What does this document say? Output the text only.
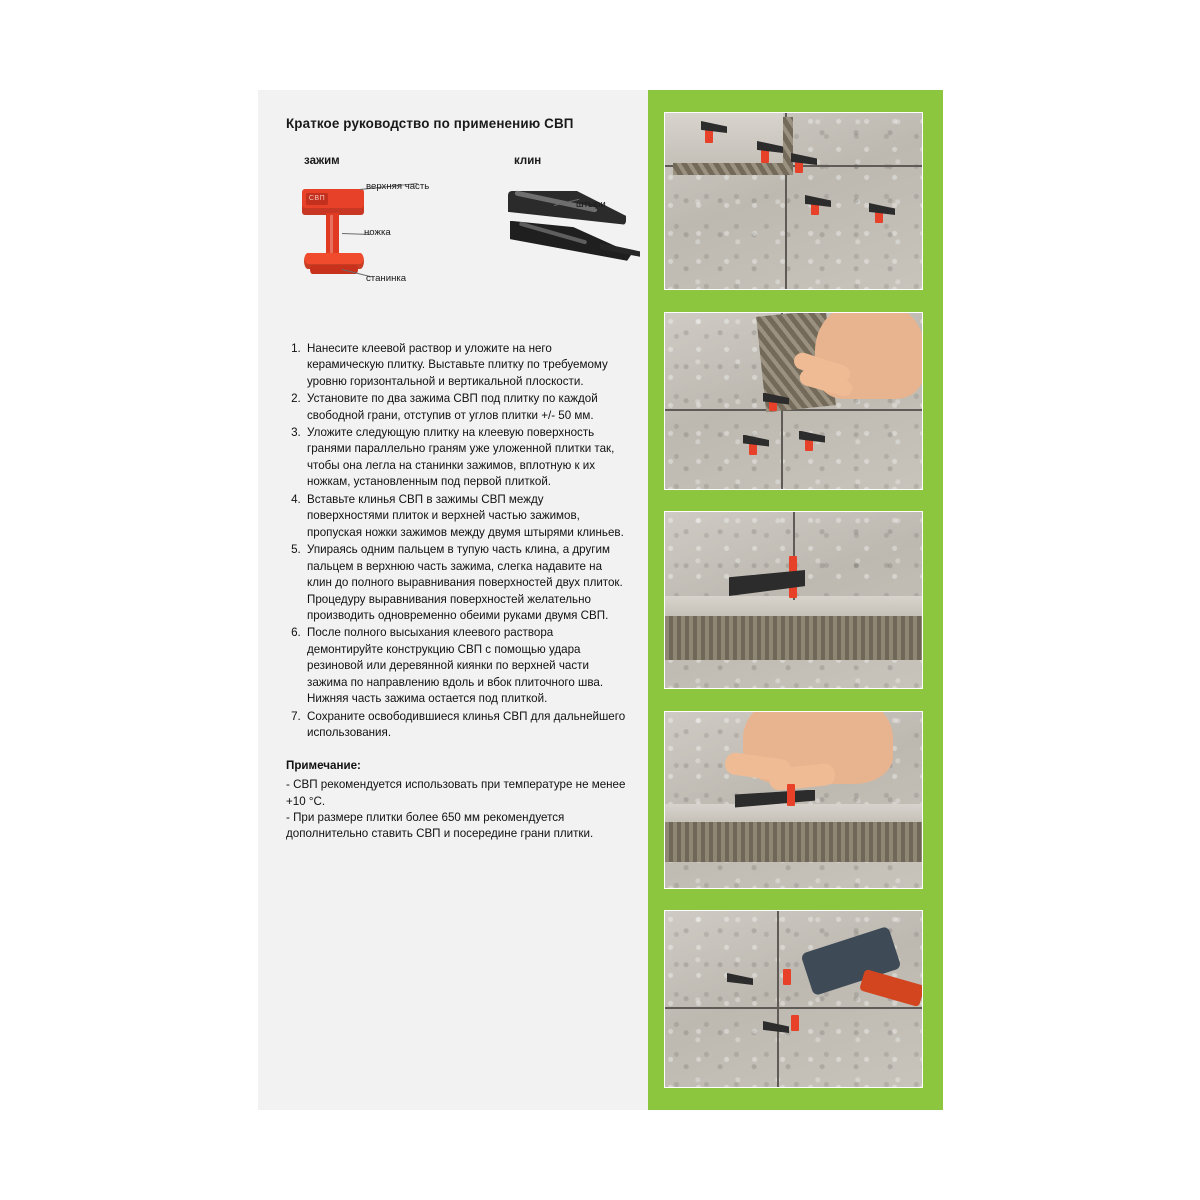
Краткое руководство по применению СВП
зажим	клин
СВП
верхняя часть
ножка
станинка
штыри
1. Нанесите клеевой раствор и уложите на него керамическую плитку. Выставьте плитку по требуемому уровню горизонтальной и вертикальной плоскости.
2. Установите по два зажима СВП под плитку по каждой свободной грани, отступив от углов плитки +/- 50 мм.
3. Уложите следующую плитку на клеевую поверхность гранями параллельно граням уже уложенной плитки так, чтобы она легла на станинки зажимов, вплотную к их ножкам, установленным под первой плиткой.
4. Вставьте клинья СВП в зажимы СВП между поверхностями плиток и верхней частью зажимов, пропуская ножки зажимов между двумя штырями клиньев.
5. Упираясь одним пальцем в тупую часть клина, а другим пальцем в верхнюю часть зажима, слегка надавите на клин до полного выравнивания поверхностей двух плиток. Процедуру выравнивания поверхностей желательно производить одновременно обеими руками двумя СВП.
6. После полного высыхания клеевого раствора демонтируйте конструкцию СВП с помощью удара резиновой или деревянной киянки по верхней части зажима по направлению вдоль и вбок плиточного шва. Нижняя часть зажима остается под плиткой.
7. Сохраните освободившиеся клинья СВП для дальнейшего использования.
Примечание:
- СВП рекомендуется использовать при температуре не менее +10 °C.
- При размере плитки более 650 мм рекомендуется дополнительно ставить СВП и посередине грани плитки.
